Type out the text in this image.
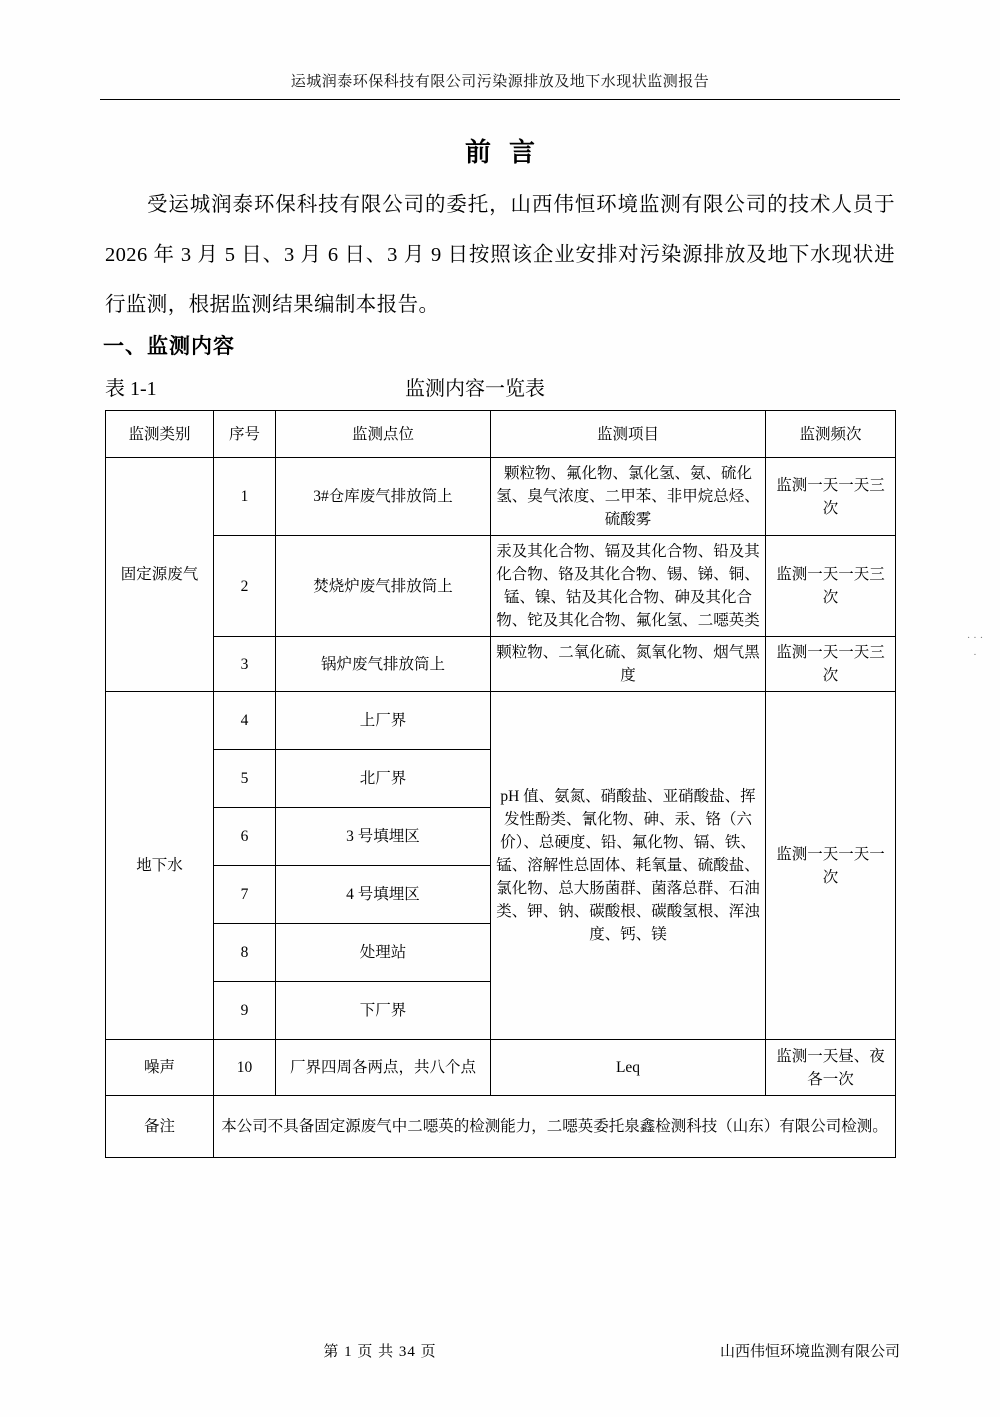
运城润泰环保科技有限公司污染源排放及地下水现状监测报告
前言
受运城润泰环保科技有限公司的委托，山西伟恒环境监测有限公司的技术人员于 2026 年 3 月 5 日、3 月 6 日、3 月 9 日按照该企业安排对污染源排放及地下水现状进行监测，根据监测结果编制本报告。
一、监测内容
表 1-1	监测内容一览表
监测类别	序号	监测点位	监测项目	监测频次
固定源废气	1	3#仓库废气排放筒上	颗粒物、氟化物、氯化氢、氨、硫化氢、臭气浓度、二甲苯、非甲烷总烃、硫酸雾	监测一天一天三次
	2	焚烧炉废气排放筒上	汞及其化合物、镉及其化合物、铅及其化合物、铬及其化合物、锡、锑、铜、锰、镍、钴及其化合物、砷及其化合物、铊及其化合物、氟化氢、二噁英类	监测一天一天三次
	3	锅炉废气排放筒上	颗粒物、二氧化硫、氮氧化物、烟气黑度	监测一天一天三次
地下水	4	上厂界	pH 值、氨氮、硝酸盐、亚硝酸盐、挥发性酚类、氰化物、砷、汞、铬（六价）、总硬度、铅、氟化物、镉、铁、锰、溶解性总固体、耗氧量、硫酸盐、氯化物、总大肠菌群、菌落总群、石油类、钾、钠、碳酸根、碳酸氢根、浑浊度、钙、镁	监测一天一天一次
	5	北厂界		
	6	3 号填埋区		
	7	4 号填埋区		
	8	处理站		
	9	下厂界		
噪声	10	厂界四周各两点，共八个点	Leq	监测一天昼、夜各一次
备注	本公司不具备固定源废气中二噁英的检测能力，二噁英委托泉鑫检测科技（山东）有限公司检测。			
· · · ·
第 1 页 共 34 页	山西伟恒环境监测有限公司
